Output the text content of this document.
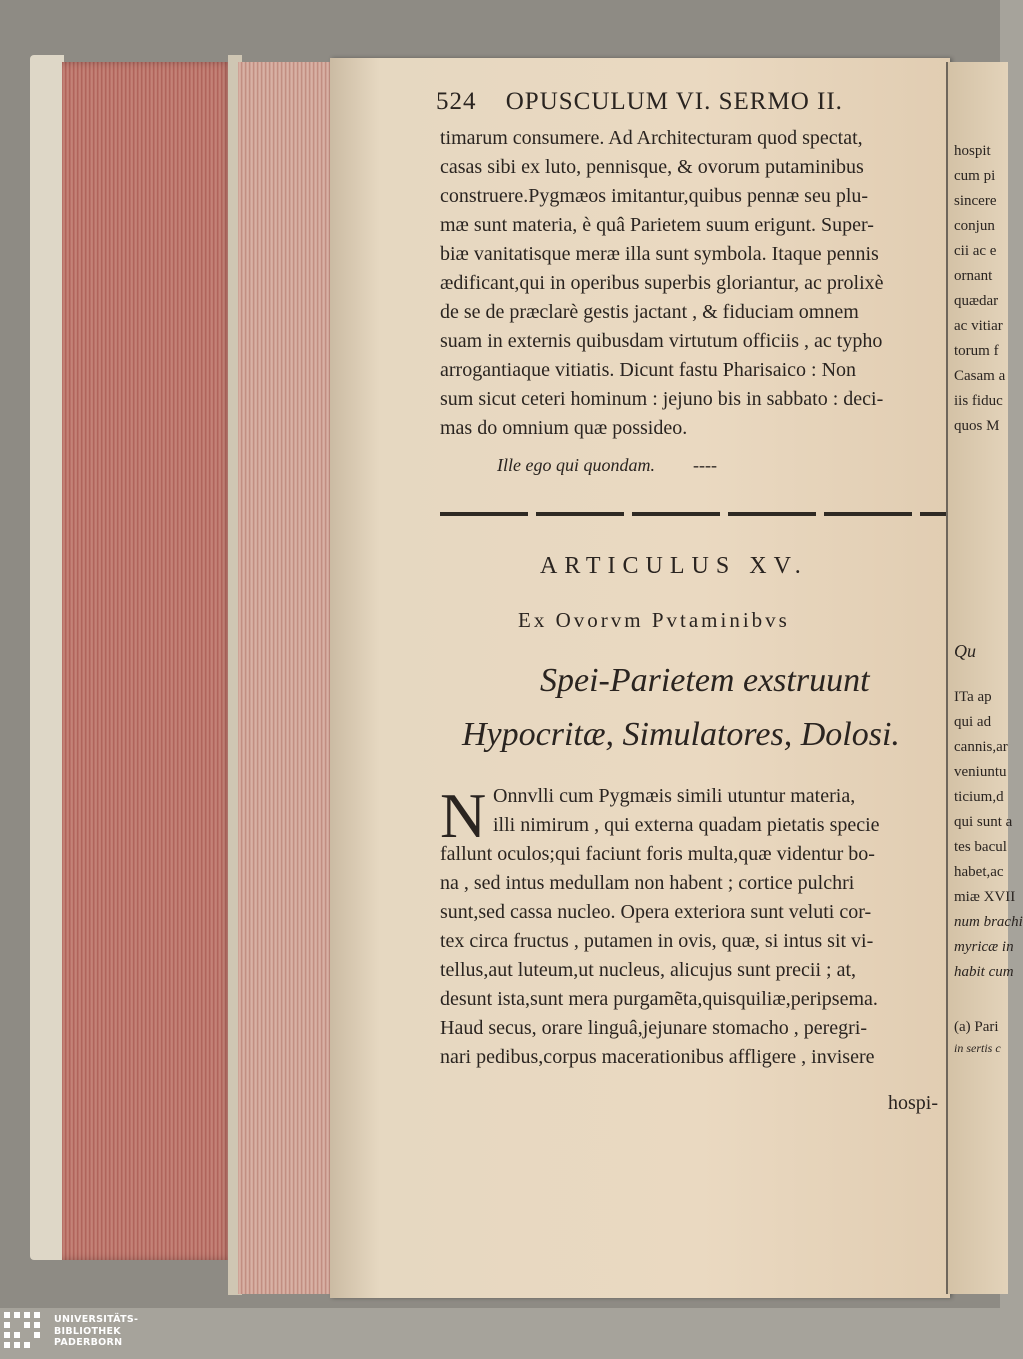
524 OPUSCULUM VI. SERMO II.
timarum consumere. Ad Architecturam quod spectat,
casas sibi ex luto, pennisque, & ovorum putaminibus
construere.Pygmæos imitantur,quibus pennæ seu plu-
mæ sunt materia, è quâ Parietem suum erigunt. Super-
biæ vanitatisque meræ illa sunt symbola. Itaque pennis
ædificant,qui in operibus superbis gloriantur, ac prolixè
de se de præclarè gestis jactant , & fiduciam omnem
suam in externis quibusdam virtutum officiis , ac typho
arrogantiaque vitiatis. Dicunt fastu Pharisaico : Non
sum sicut ceteri hominum : jejuno bis in sabbato : deci-
mas do omnium quæ possideo.
Ille ego qui quondam. ----
ARTICULUS XV.
Ex Ovorvm Pvtaminibvs
Spei-Parietem exstruunt
Hypocritæ, Simulatores, Dolosi.
N Onnvlli cum Pygmæis simili utuntur materia,
illi nimirum , qui externa quadam pietatis specie
fallunt oculos;qui faciunt foris multa,quæ videntur bo-
na , sed intus medullam non habent ; cortice pulchri
sunt,sed cassa nucleo. Opera exteriora sunt veluti cor-
tex circa fructus , putamen in ovis, quæ, si intus sit vi-
tellus,aut luteum,ut nucleus, alicujus sunt precii ; at,
desunt ista,sunt mera purgamẽta,quisquiliæ,peripsema.
Haud secus, orare linguâ,jejunare stomacho , peregri-
nari pedibus,corpus macerationibus affligere , invisere
hospi-
hospit
cum pi
sincere
conjun
cii ac e
ornant
quædar
ac vitiar
torum f
Casam a
iis fiduc
quos M
Qu
ITa ap
qui ad
cannis,ar
veniuntu
ticium,d
qui sunt a
tes bacul
habet,ac
miæ XVII
num brachi
myricæ in
habit cum
(a) Pari
in sertis c
UNIVERSITÄTS-
BIBLIOTHEK
PADERBORN
